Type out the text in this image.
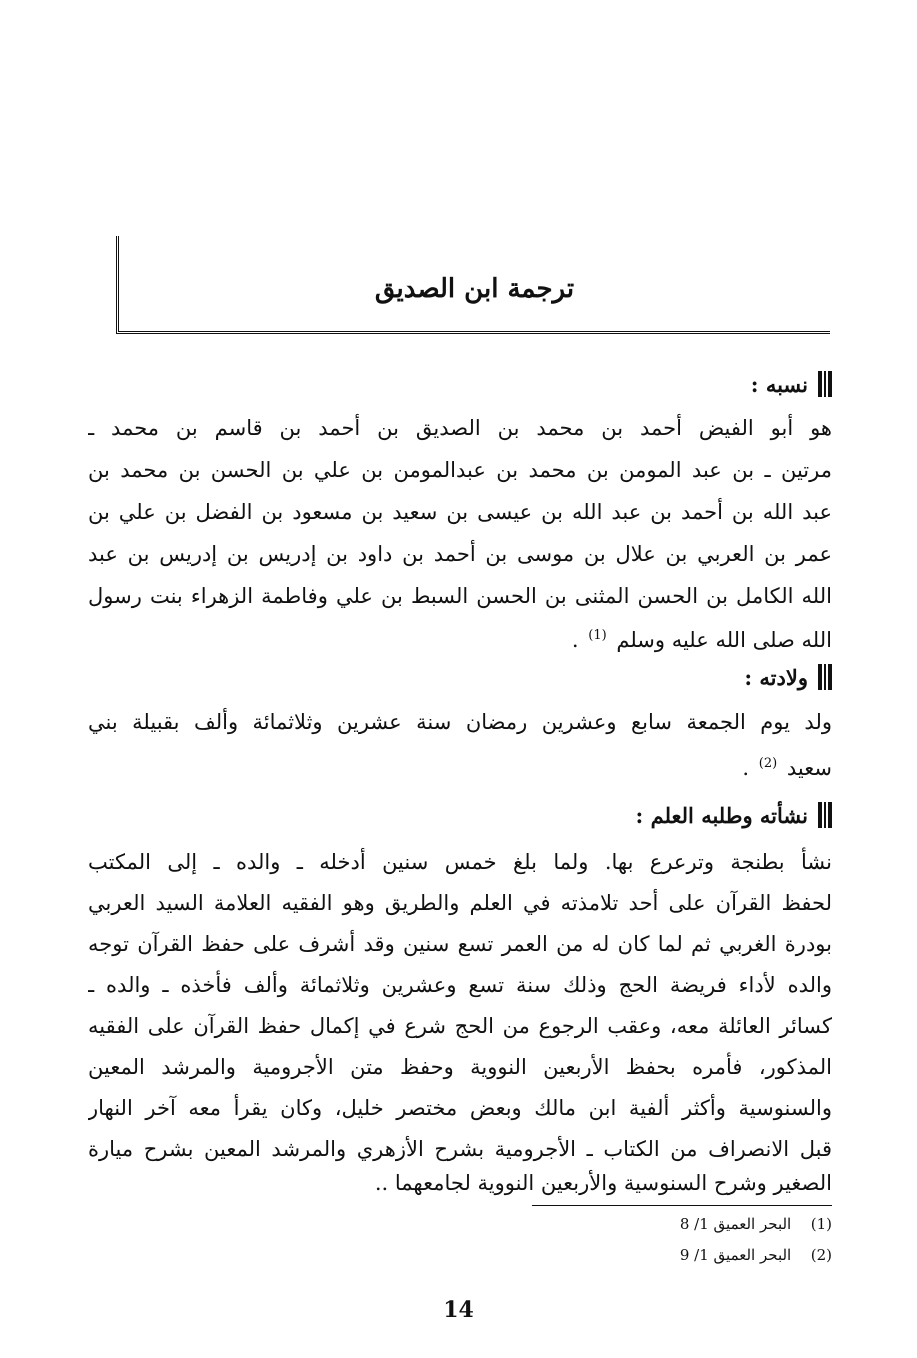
ترجمة ابن الصديق
نسبه :
هو أبو الفيض أحمد بن محمد بن الصديق بن أحمد بن قاسم بن محمد ـ
مرتين ـ بن عبد المومن بن محمد بن عبدالمومن بن علي بن الحسن بن محمد بن
عبد الله بن أحمد بن عبد الله بن عيسى بن سعيد بن مسعود بن الفضل بن علي بن
عمر بن العربي بن علال بن موسى بن أحمد بن داود بن إدريس بن إدريس بن عبد
الله الكامل بن الحسن المثنى بن الحسن السبط بن علي وفاطمة الزهراء بنت رسول
الله صلى الله عليه وسلم $^{(1)}$ .
ولادته :
ولد يوم الجمعة سابع وعشرين رمضان سنة عشرين وثلاثمائة وألف بقبيلة بني
سعيد $^{(2)}$ .
نشأته وطلبه العلم :
نشأ بطنجة وترعرع بها. ولما بلغ خمس سنين أدخله ـ والده ـ إلى المكتب
لحفظ القرآن على أحد تلامذته في العلم والطريق وهو الفقيه العلامة السيد العربي
بودرة الغربي ثم لما كان له من العمر تسع سنين وقد أشرف على حفظ القرآن توجه
والده لأداء فريضة الحج وذلك سنة تسع وعشرين وثلاثمائة وألف فأخذه ـ والده ـ
كسائر العائلة معه، وعقب الرجوع من الحج شرع في إكمال حفظ القرآن على الفقيه
المذكور، فأمره بحفظ الأربعين النووية وحفظ متن الأجرومية والمرشد المعين
والسنوسية وأكثر ألفية ابن مالك وبعض مختصر خليل، وكان يقرأ معه آخر النهار
قبل الانصراف من الكتاب ـ الأجرومية بشرح الأزهري والمرشد المعين بشرح ميارة
الصغير وشرح السنوسية والأربعين النووية لجامعهما ..
(1) البحر العميق 1/ 8
(2) البحر العميق 1/ 9
14
